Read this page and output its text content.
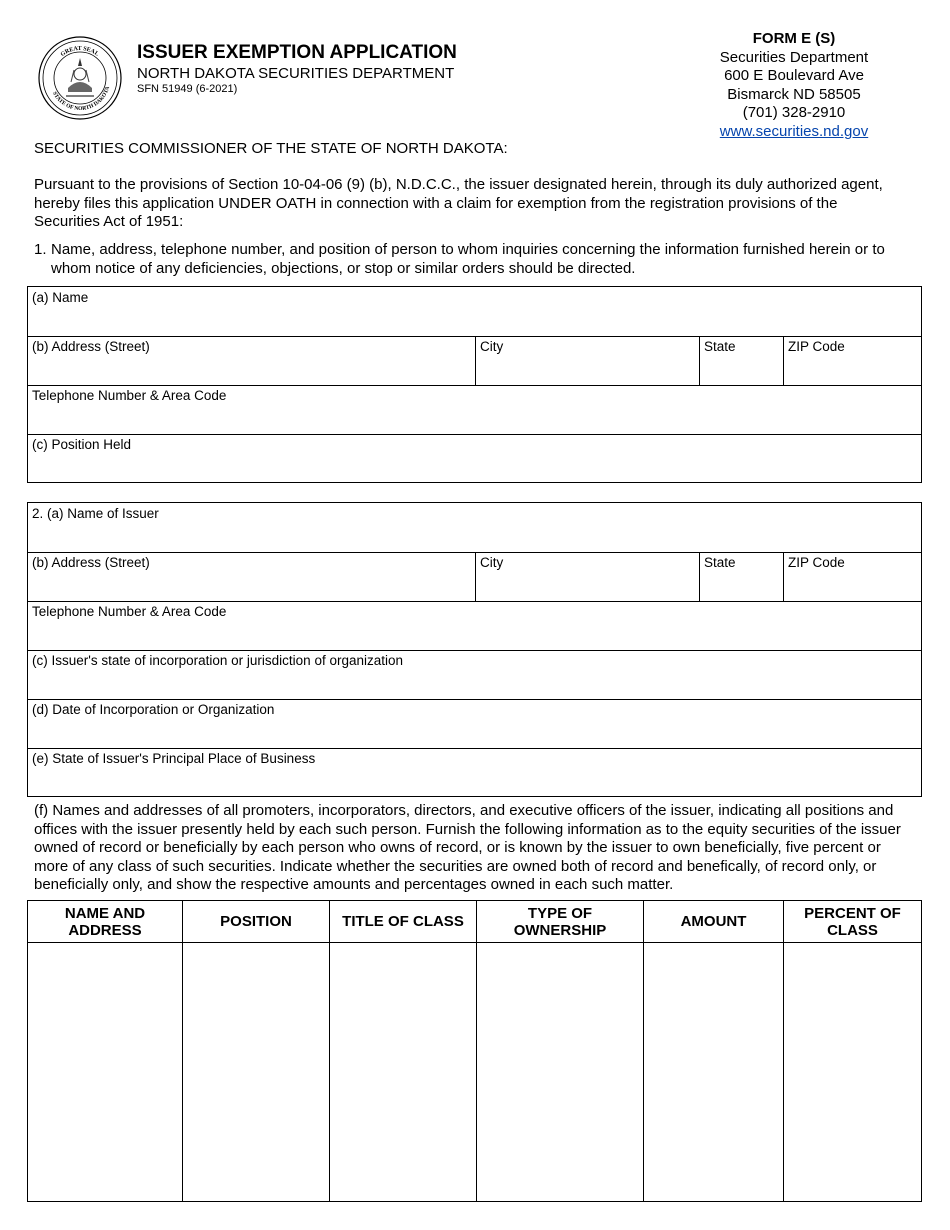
GREAT SEAL
STATE OF NORTH DAKOTA
ISSUER EXEMPTION APPLICATION
NORTH DAKOTA SECURITIES DEPARTMENT
SFN 51949 (6-2021)
FORM E (S)
Securities Department
600 E Boulevard Ave
Bismarck ND 58505
(701) 328-2910
www.securities.nd.gov
SECURITIES COMMISSIONER OF THE STATE OF NORTH DAKOTA:
Pursuant to the provisions of Section 10-04-06 (9) (b), N.D.C.C., the issuer designated herein, through its duly authorized agent, hereby files this application UNDER OATH in connection with a claim for exemption from the registration provisions of the Securities Act of 1951:
1. Name, address, telephone number, and position of person to whom inquiries concerning the information furnished herein or to whom notice of any deficiencies, objections, or stop or similar orders should be directed.
(a) Name
(b) Address (Street)	City	State	ZIP Code
Telephone Number & Area Code
(c) Position Held
2. (a) Name of Issuer
(b) Address (Street)	City	State	ZIP Code
Telephone Number & Area Code
(c) Issuer's state of incorporation or jurisdiction of organization
(d) Date of Incorporation or Organization
(e) State of Issuer's Principal Place of Business
(f) Names and addresses of all promoters, incorporators, directors, and executive officers of the issuer, indicating all positions and offices with the issuer presently held by each such person. Furnish the following information as to the equity securities of the issuer owned of record or beneficially by each person who owns of record, or is known by the issuer to own beneficially, five percent or more of any class of such securities. Indicate whether the securities are owned both of record and benefically, of record only, or beneficially only, and show the respective amounts and percentages owned in each such matter.
NAME AND ADDRESS	POSITION	TITLE OF CLASS	TYPE OF OWNERSHIP	AMOUNT	PERCENT OF CLASS
